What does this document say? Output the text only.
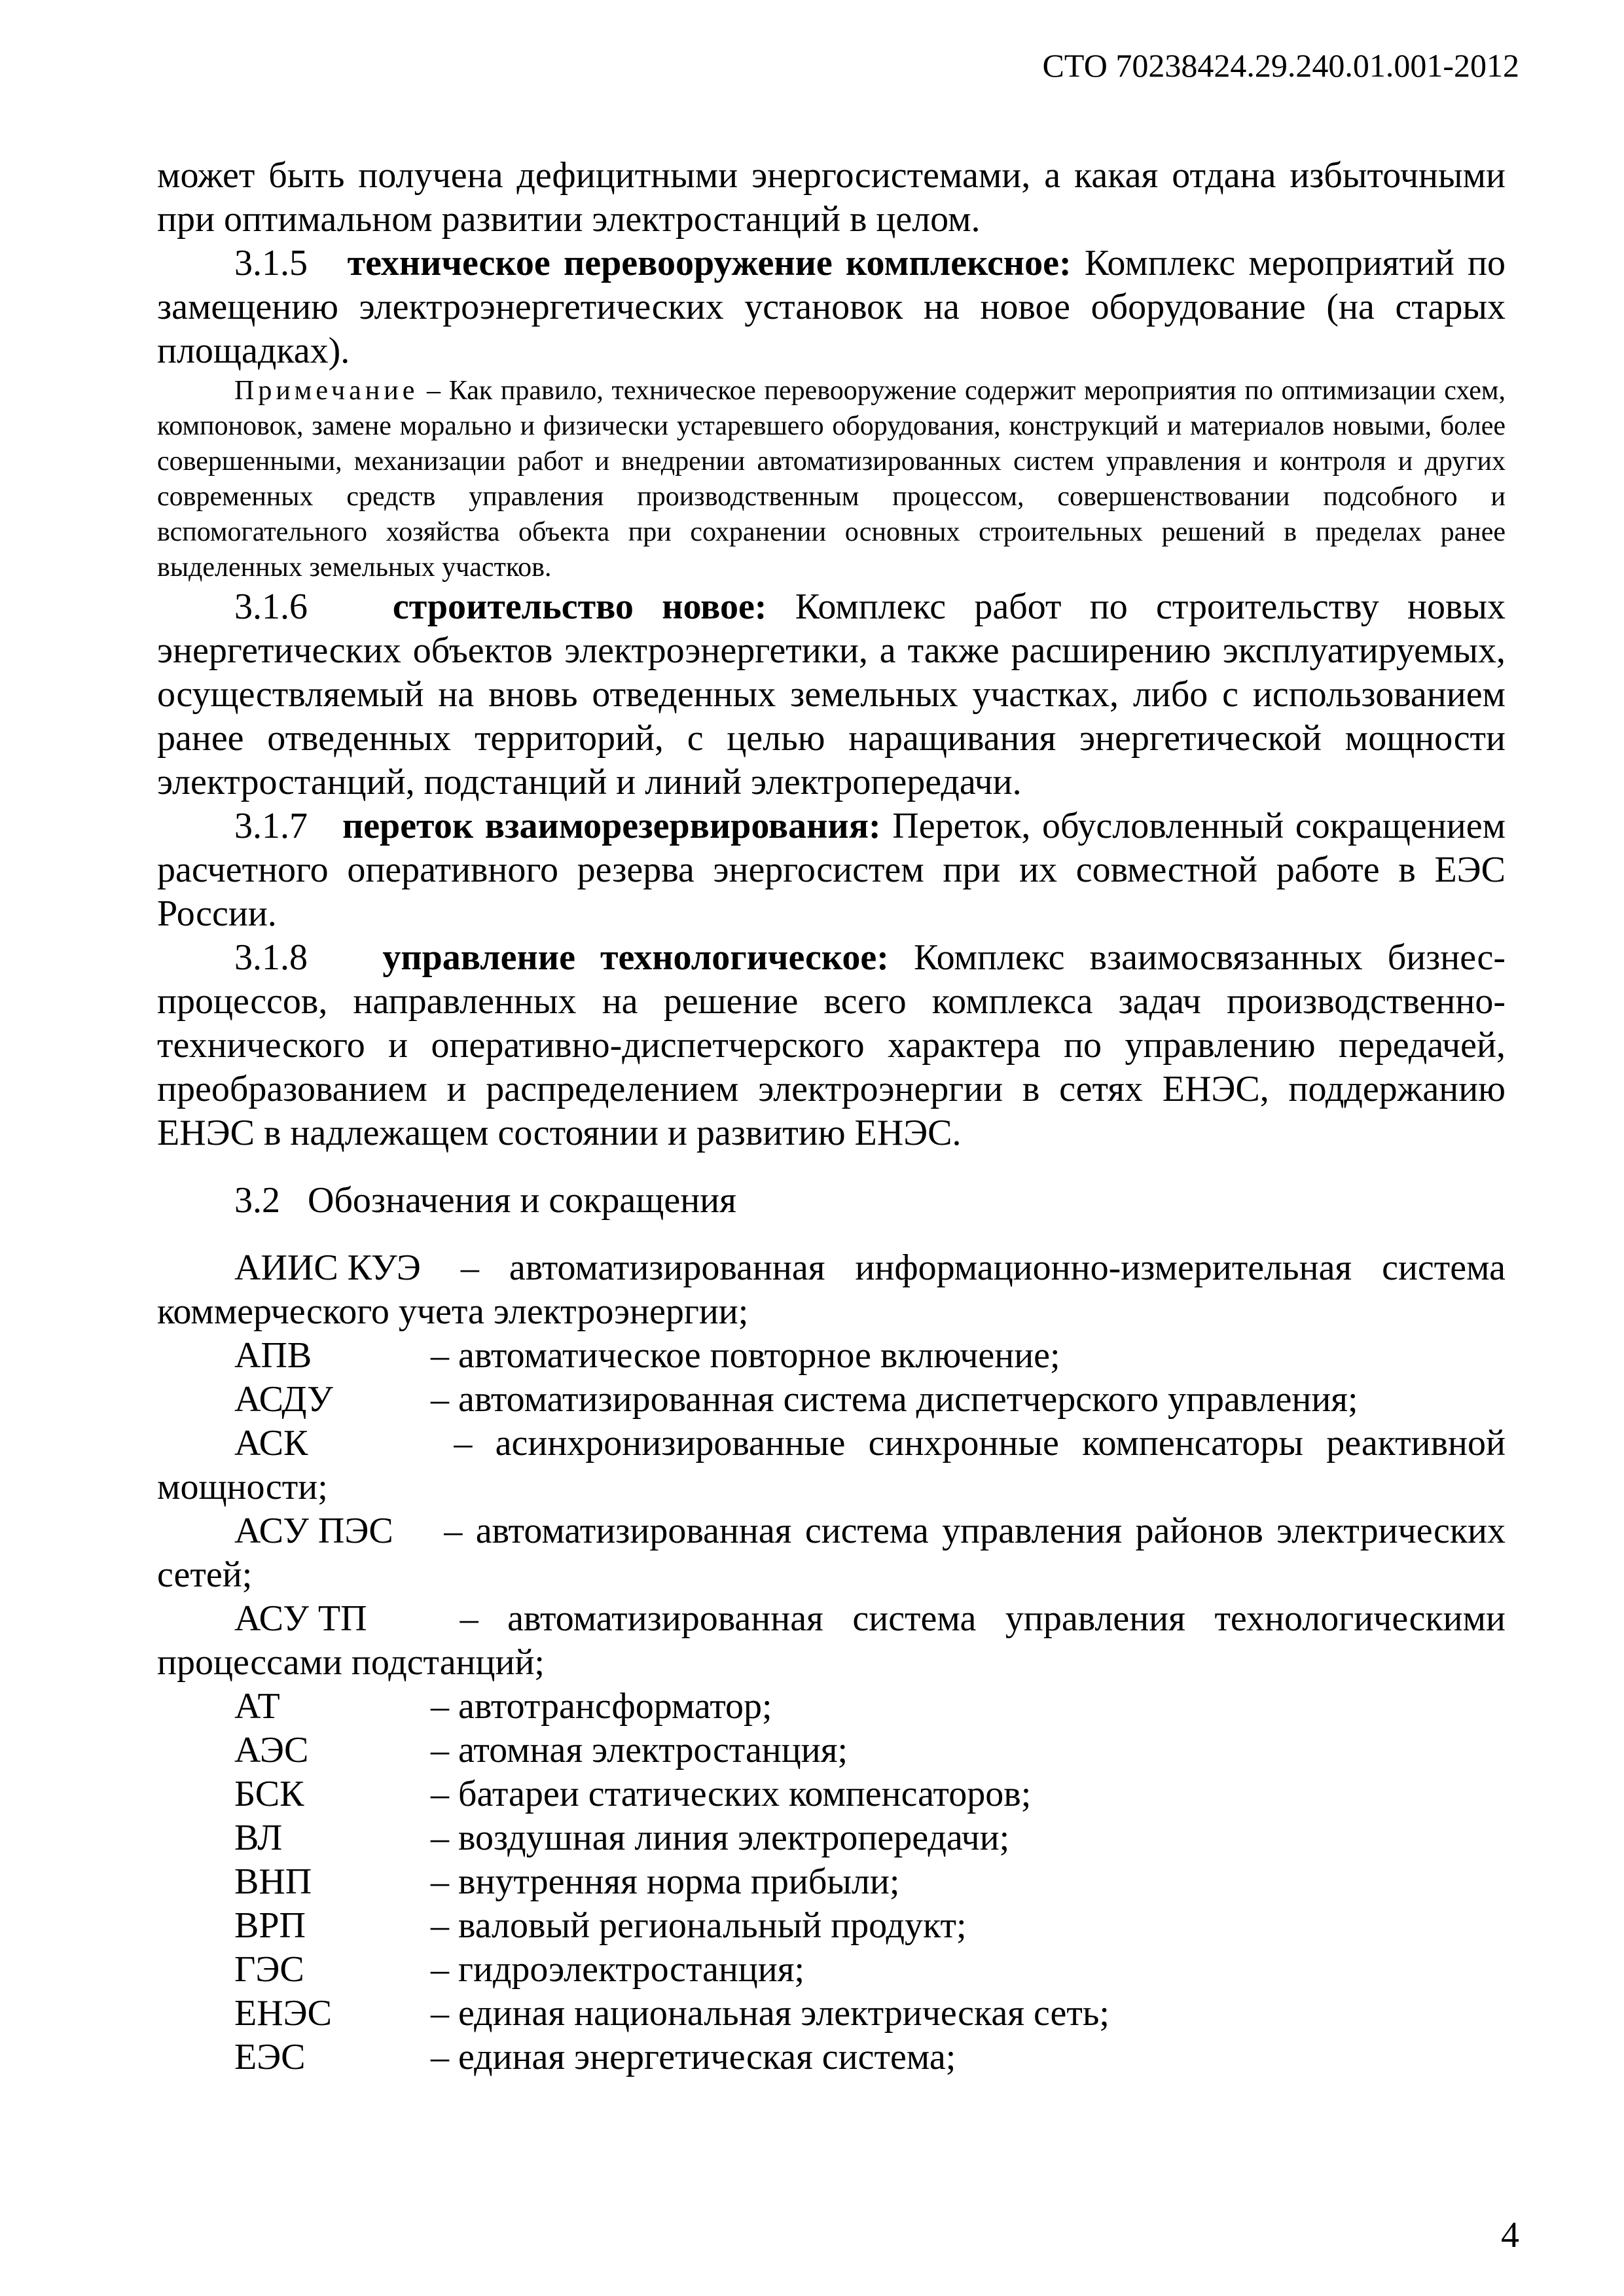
СТО 70238424.29.240.01.001-2012

может быть получена дефицитными энергосистемами, а какая отдана избыточными при оптимальном развитии электростанций в целом.

3.1.5 техническое перевооружение комплексное: Комплекс мероприятий по замещению электроэнергетических установок на новое оборудование (на старых площадках).

Примечание – Как правило, техническое перевооружение содержит мероприятия по оптимизации схем, компоновок, замене морально и физически устаревшего оборудования, конструкций и материалов новыми, более совершенными, механизации работ и внедрении автоматизированных систем управления и контроля и других современных средств управления производственным процессом, совершенствовании подсобного и вспомогательного хозяйства объекта при сохранении основных строительных решений в пределах ранее выделенных земельных участков.

3.1.6 строительство новое: Комплекс работ по строительству новых энергетических объектов электроэнергетики, а также расширению эксплуатируемых, осуществляемый на вновь отведенных земельных участках, либо с использованием ранее отведенных территорий, с целью наращивания энергетической мощности электростанций, подстанций и линий электропередачи.

3.1.7 переток взаиморезервирования: Переток, обусловленный сокращением расчетного оперативного резерва энергосистем при их совместной работе в ЕЭС России.

3.1.8 управление технологическое: Комплекс взаимосвязанных бизнес-процессов, направленных на решение всего комплекса задач производственно-технического и оперативно-диспетчерского характера по управлению передачей, преобразованием и распределением электроэнергии в сетях ЕНЭС, поддержанию ЕНЭС в надлежащем состоянии и развитию ЕНЭС.

3.2 Обозначения и сокращения

АИИС КУЭ – автоматизированная информационно-измерительная система коммерческого учета электроэнергии;

АПВ	– автоматическое повторное включение;

АСДУ	– автоматизированная система диспетчерского управления;

АСК	– асинхронизированные синхронные компенсаторы реактивной мощности;

АСУ ПЭС – автоматизированная система управления районов электрических сетей;

АСУ ТП	– автоматизированная система управления технологическими процессами подстанций;

АТ	– автотрансформатор;

АЭС	– атомная электростанция;

БСК	– батареи статических компенсаторов;

ВЛ	– воздушная линия электропередачи;

ВНП	– внутренняя норма прибыли;

ВРП	– валовый региональный продукт;

ГЭС	– гидроэлектростанция;

ЕНЭС	– единая национальная электрическая сеть;

ЕЭС	– единая энергетическая система;

4
